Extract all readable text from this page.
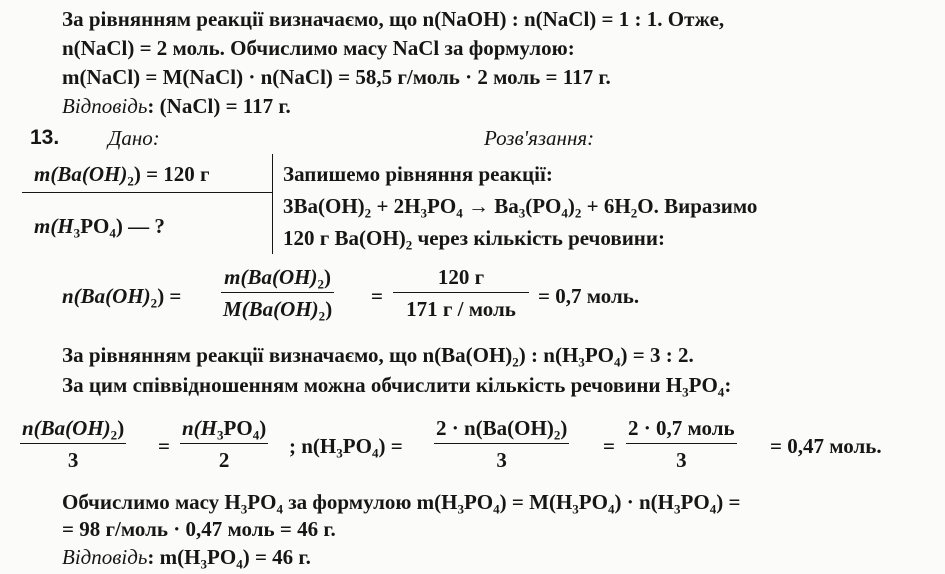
За рівнянням реакції визначаємо, що n(NaOH) : n(NaCl) = 1 : 1. Отже,
n(NaCl) = 2 моль. Обчислимо масу NaCl за формулою:
m(NaCl) = M(NaCl) · n(NaCl) = 58,5 г/моль · 2 моль = 117 г.
Відповідь: (NaCl) = 117 г.
13. Дано:	Розв'язання:
$m(Ba(OH)_2) = 120$ г
$m(H_3PO_4)$ — ?
Запишемо рівняння реакції:
$3Ba(OH)_2 + 2H_3PO_4 \to Ba_3(PO_4)_2 + 6H_2O$. Виразимо
120 г $Ba(OH)_2$ через кількість речовини:
$n(Ba(OH)_2)$ =
$m(Ba(OH)_2)$
$M(Ba(OH)_2)$
=
120 г
171 г / моль
= 0,7 моль.
За рівнянням реакції визначаємо, що $n(Ba(OH)_2)$ : $n(H_3PO_4) = 3$ : 2.
За цим співвідношенням можна обчислити кількість речовини $H_3PO_4$:
$n(Ba(OH)_2)$
3
=
$n(H_3PO_4)$
2
; $n(H_3PO_4)$ =
$2 \cdot n(Ba(OH)_2)$
3
=
2 · 0,7 моль
3
= 0,47 моль.
Обчислимо масу $H_3PO_4$ за формулою $m(H_3PO_4) = M(H_3PO_4) \cdot n(H_3PO_4)$ =
= 98 г/моль · 0,47 моль = 46 г.
Відповідь: $m(H_3PO_4) = 46$ г.
